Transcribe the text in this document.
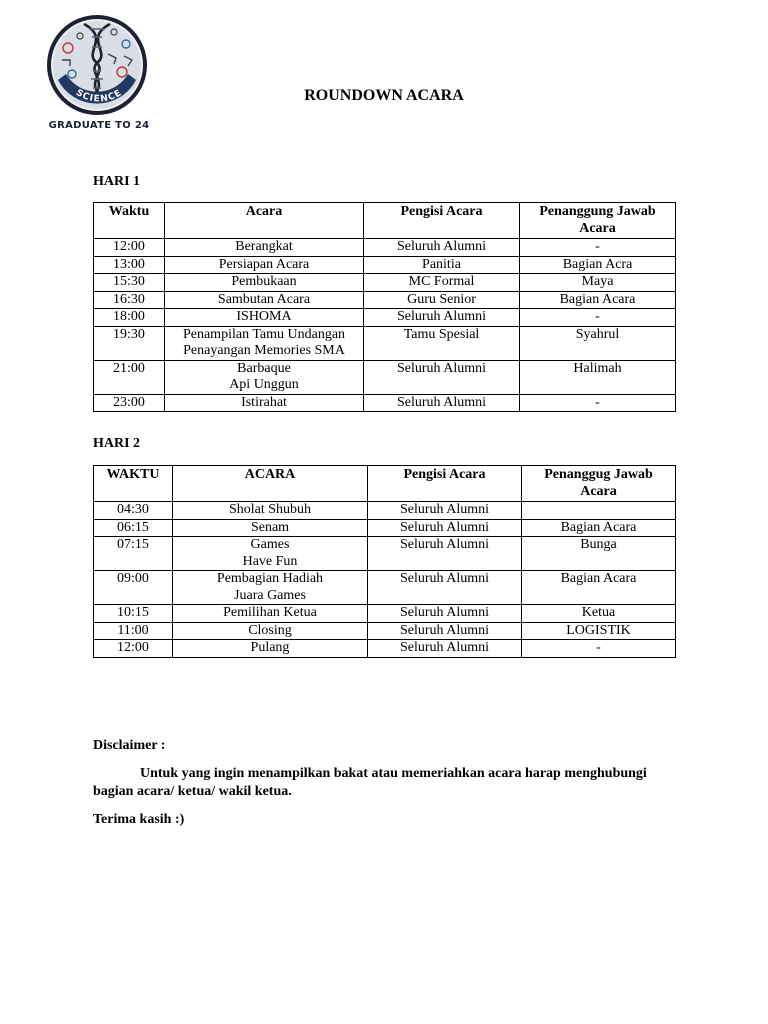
SCIENCE
GRADUATE TO 24
ROUNDOWN ACARA
HARI 1
Waktu	Acara	Pengisi Acara	Penanggung Jawab Acara
12:00	Berangkat	Seluruh Alumni	-
13:00	Persiapan Acara	Panitia	Bagian Acra
15:30	Pembukaan	MC Formal	Maya
16:30	Sambutan Acara	Guru Senior	Bagian Acara
18:00	ISHOMA	Seluruh Alumni	-
19:30	Penampilan Tamu Undangan
Penayangan Memories SMA	Tamu Spesial	Syahrul
21:00	Barbaque
Api Unggun	Seluruh Alumni	Halimah
23:00	Istirahat	Seluruh Alumni	-
HARI 2
WAKTU	ACARA	Pengisi Acara	Penanggug Jawab Acara
04:30	Sholat Shubuh	Seluruh Alumni	
06:15	Senam	Seluruh Alumni	Bagian Acara
07:15	Games
Have Fun	Seluruh Alumni	Bunga
09:00	Pembagian Hadiah
Juara Games	Seluruh Alumni	Bagian Acara
10:15	Pemilihan Ketua	Seluruh Alumni	Ketua
11:00	Closing	Seluruh Alumni	LOGISTIK
12:00	Pulang	Seluruh Alumni	-
Disclaimer :
Untuk yang ingin menampilkan bakat atau memeriahkan acara harap menghubungi bagian acara/ ketua/ wakil ketua.
Terima kasih :)
